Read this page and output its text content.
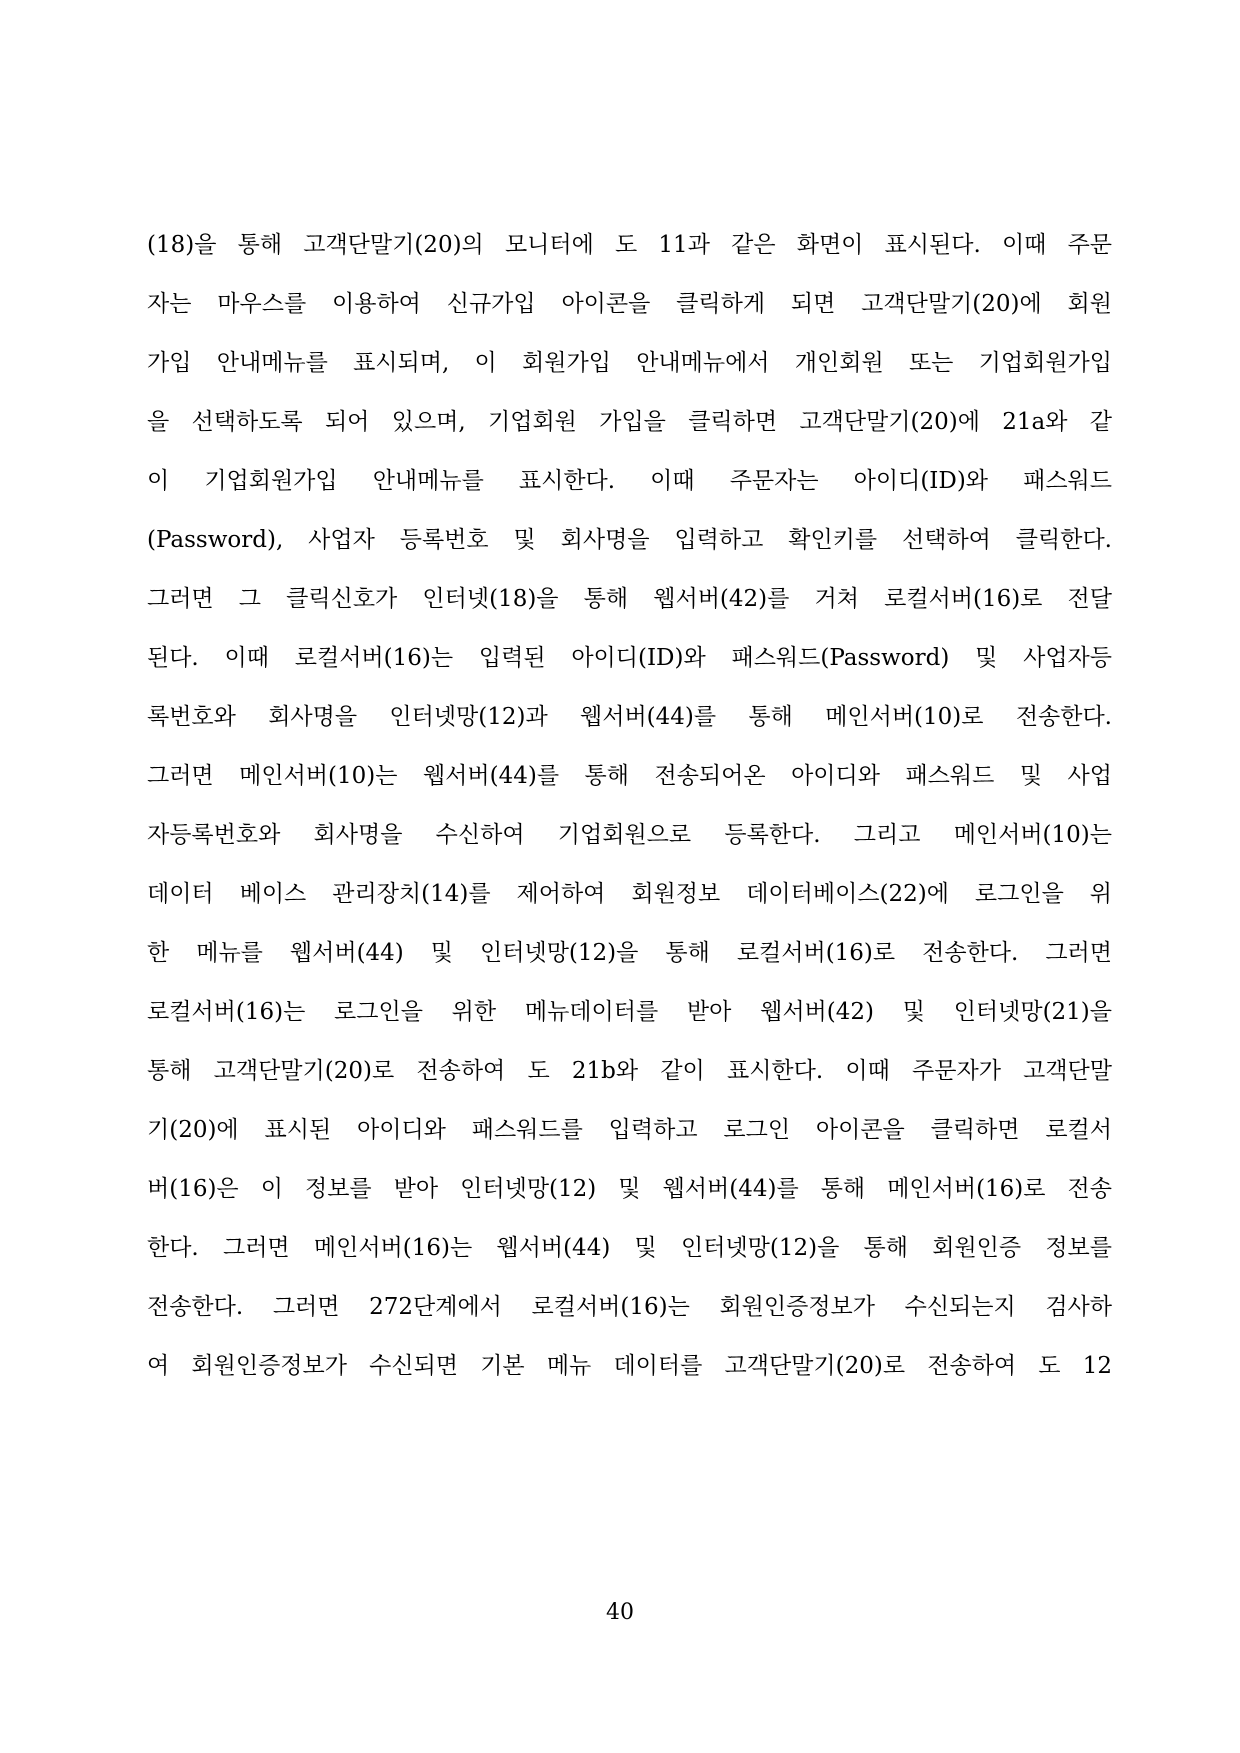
(18)을 통해 고객단말기(20)의 모니터에 도 11과 같은 화면이 표시된다. 이때 주문
자는 마우스를 이용하여 신규가입 아이콘을 클릭하게 되면 고객단말기(20)에 회원
가입 안내메뉴를 표시되며, 이 회원가입 안내메뉴에서 개인회원 또는 기업회원가입
을 선택하도록 되어 있으며, 기업회원 가입을 클릭하면 고객단말기(20)에 21a와 같
이 기업회원가입 안내메뉴를 표시한다. 이때 주문자는 아이디(ID)와 패스워드
(Password), 사업자 등록번호 및 회사명을 입력하고 확인키를 선택하여 클릭한다.
그러면 그 클릭신호가 인터넷(18)을 통해 웹서버(42)를 거쳐 로컬서버(16)로 전달
된다. 이때 로컬서버(16)는 입력된 아이디(ID)와 패스워드(Password) 및 사업자등
록번호와 회사명을 인터넷망(12)과 웹서버(44)를 통해 메인서버(10)로 전송한다.
그러면 메인서버(10)는 웹서버(44)를 통해 전송되어온 아이디와 패스워드 및 사업
자등록번호와 회사명을 수신하여 기업회원으로 등록한다. 그리고 메인서버(10)는
데이터 베이스 관리장치(14)를 제어하여 회원정보 데이터베이스(22)에 로그인을 위
한 메뉴를 웹서버(44) 및 인터넷망(12)을 통해 로컬서버(16)로 전송한다. 그러면
로컬서버(16)는 로그인을 위한 메뉴데이터를 받아 웹서버(42) 및 인터넷망(21)을
통해 고객단말기(20)로 전송하여 도 21b와 같이 표시한다. 이때 주문자가 고객단말
기(20)에 표시된 아이디와 패스워드를 입력하고 로그인 아이콘을 클릭하면 로컬서
버(16)은 이 정보를 받아 인터넷망(12) 및 웹서버(44)를 통해 메인서버(16)로 전송
한다. 그러면 메인서버(16)는 웹서버(44) 및 인터넷망(12)을 통해 회원인증 정보를
전송한다. 그러면 272단계에서 로컬서버(16)는 회원인증정보가 수신되는지 검사하
여 회원인증정보가 수신되면 기본 메뉴 데이터를 고객단말기(20)로 전송하여 도 12
40
